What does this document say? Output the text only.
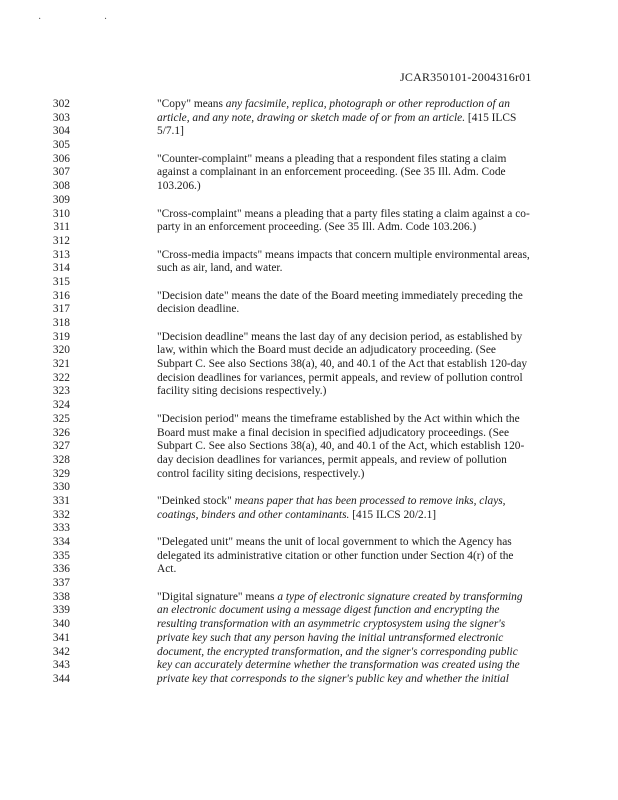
· ·
JCAR350101-2004316r01
302	"Copy" means any facsimile, replica, photograph or other reproduction of an
303	article, and any note, drawing or sketch made of or from an article. [415 ILCS
304	5/7.1]
305
306	"Counter-complaint" means a pleading that a respondent files stating a claim
307	against a complainant in an enforcement proceeding. (See 35 Ill. Adm. Code
308	103.206.)
309
310	"Cross-complaint" means a pleading that a party files stating a claim against a co-
311	party in an enforcement proceeding. (See 35 Ill. Adm. Code 103.206.)
312
313	"Cross-media impacts" means impacts that concern multiple environmental areas,
314	such as air, land, and water.
315
316	"Decision date" means the date of the Board meeting immediately preceding the
317	decision deadline.
318
319	"Decision deadline" means the last day of any decision period, as established by
320	law, within which the Board must decide an adjudicatory proceeding. (See
321	Subpart C. See also Sections 38(a), 40, and 40.1 of the Act that establish 120-day
322	decision deadlines for variances, permit appeals, and review of pollution control
323	facility siting decisions respectively.)
324
325	"Decision period" means the timeframe established by the Act within which the
326	Board must make a final decision in specified adjudicatory proceedings. (See
327	Subpart C. See also Sections 38(a), 40, and 40.1 of the Act, which establish 120-
328	day decision deadlines for variances, permit appeals, and review of pollution
329	control facility siting decisions, respectively.)
330
331	"Deinked stock" means paper that has been processed to remove inks, clays,
332	coatings, binders and other contaminants. [415 ILCS 20/2.1]
333
334	"Delegated unit" means the unit of local government to which the Agency has
335	delegated its administrative citation or other function under Section 4(r) of the
336	Act.
337
338	"Digital signature" means a type of electronic signature created by transforming
339	an electronic document using a message digest function and encrypting the
340	resulting transformation with an asymmetric cryptosystem using the signer's
341	private key such that any person having the initial untransformed electronic
342	document, the encrypted transformation, and the signer's corresponding public
343	key can accurately determine whether the transformation was created using the
344	private key that corresponds to the signer's public key and whether the initial
